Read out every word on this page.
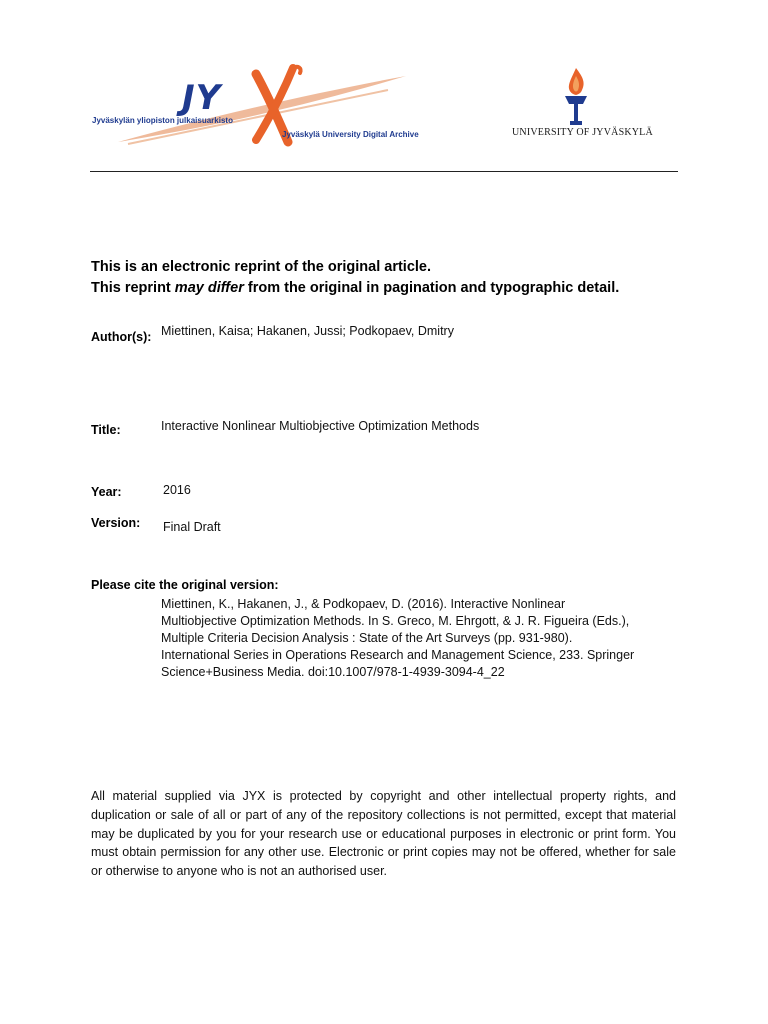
JY
Jyväskylän yliopiston julkaisuarkisto
Jyväskylä University Digital Archive	UNIVERSITY OF JYVÄSKYLÄ
This is an electronic reprint of the original article.
This reprint may differ from the original in pagination and typographic detail.
Author(s): Miettinen, Kaisa; Hakanen, Jussi; Podkopaev, Dmitry
Title:	Interactive Nonlinear Multiobjective Optimization Methods
Year:	2016
Version: Final Draft
Please cite the original version:
Miettinen, K., Hakanen, J., & Podkopaev, D. (2016). Interactive Nonlinear
Multiobjective Optimization Methods. In S. Greco, M. Ehrgott, & J. R. Figueira (Eds.),
Multiple Criteria Decision Analysis : State of the Art Surveys (pp. 931-980).
International Series in Operations Research and Management Science, 233. Springer
Science+Business Media. doi:10.1007/978-1-4939-3094-4_22
All material supplied via JYX is protected by copyright and other intellectual property rights, and duplication or sale of all or part of any of the repository collections is not permitted, except that material may be duplicated by you for your research use or educational purposes in electronic or print form. You must obtain permission for any other use. Electronic or print copies may not be offered, whether for sale or otherwise to anyone who is not an authorised user.
